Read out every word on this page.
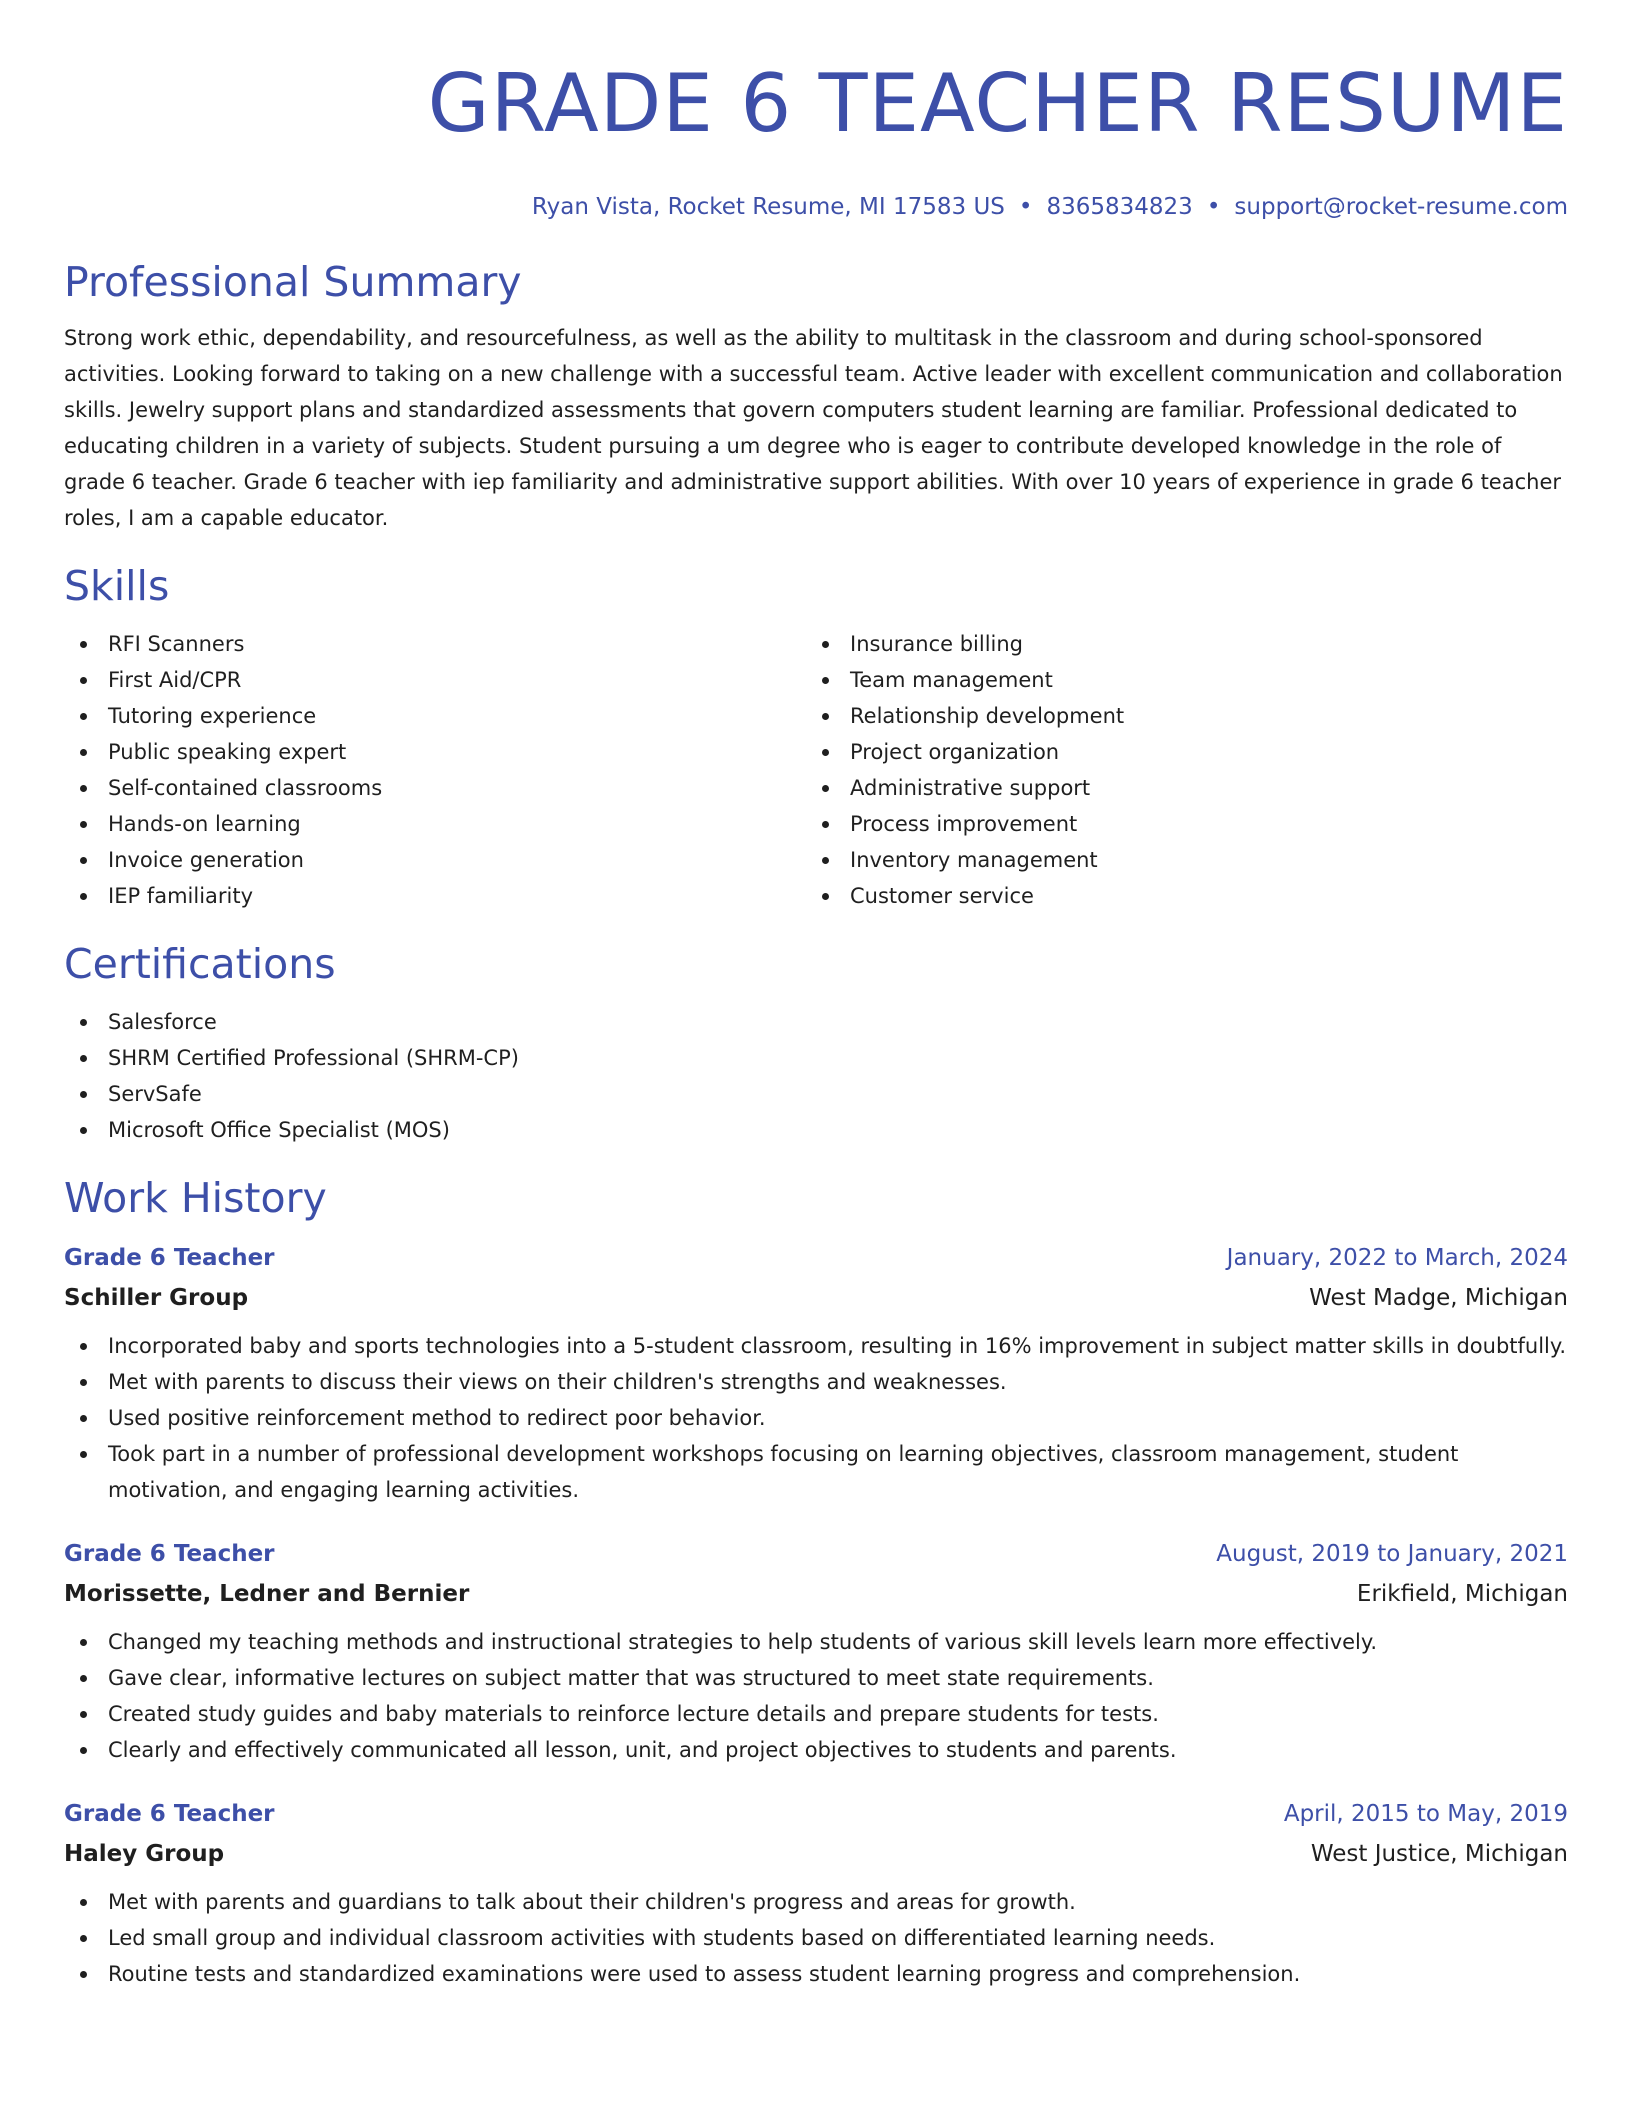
GRADE 6 TEACHER RESUME
Ryan Vista, Rocket Resume, MI 17583 US • 8365834823 • support@rocket-resume.com
Professional Summary

Strong work ethic, dependability, and resourcefulness, as well as the ability to multitask in the classroom and during school-sponsored activities. Looking forward to taking on a new challenge with a successful team. Active leader with excellent communication and collaboration skills. Jewelry support plans and standardized assessments that govern computers student learning are familiar. Professional dedicated to educating children in a variety of subjects. Student pursuing a um degree who is eager to contribute developed knowledge in the role of grade 6 teacher. Grade 6 teacher with iep familiarity and administrative support abilities. With over 10 years of experience in grade 6 teacher roles, I am a capable educator.

Skills
RFI Scanners
First Aid/CPR
Tutoring experience
Public speaking expert
Self-contained classrooms
Hands-on learning
Invoice generation
IEP familiarity
Insurance billing
Team management
Relationship development
Project organization
Administrative support
Process improvement
Inventory management
Customer service
Certifications
Salesforce
SHRM Certified Professional (SHRM-CP)
ServSafe
Microsoft Office Specialist (MOS)
Work History
Grade 6 Teacher	January, 2022 to March, 2024
Schiller Group	West Madge, Michigan
Incorporated baby and sports technologies into a 5-student classroom, resulting in 16% improvement in subject matter skills in doubtfully.
Met with parents to discuss their views on their children's strengths and weaknesses.
Used positive reinforcement method to redirect poor behavior.
Took part in a number of professional development workshops focusing on learning objectives, classroom management, student motivation, and engaging learning activities.
Grade 6 Teacher	August, 2019 to January, 2021
Morissette, Ledner and Bernier	Erikfield, Michigan
Changed my teaching methods and instructional strategies to help students of various skill levels learn more effectively.
Gave clear, informative lectures on subject matter that was structured to meet state requirements.
Created study guides and baby materials to reinforce lecture details and prepare students for tests.
Clearly and effectively communicated all lesson, unit, and project objectives to students and parents.
Grade 6 Teacher	April, 2015 to May, 2019
Haley Group	West Justice, Michigan
Met with parents and guardians to talk about their children's progress and areas for growth.
Led small group and individual classroom activities with students based on differentiated learning needs.
Routine tests and standardized examinations were used to assess student learning progress and comprehension.
